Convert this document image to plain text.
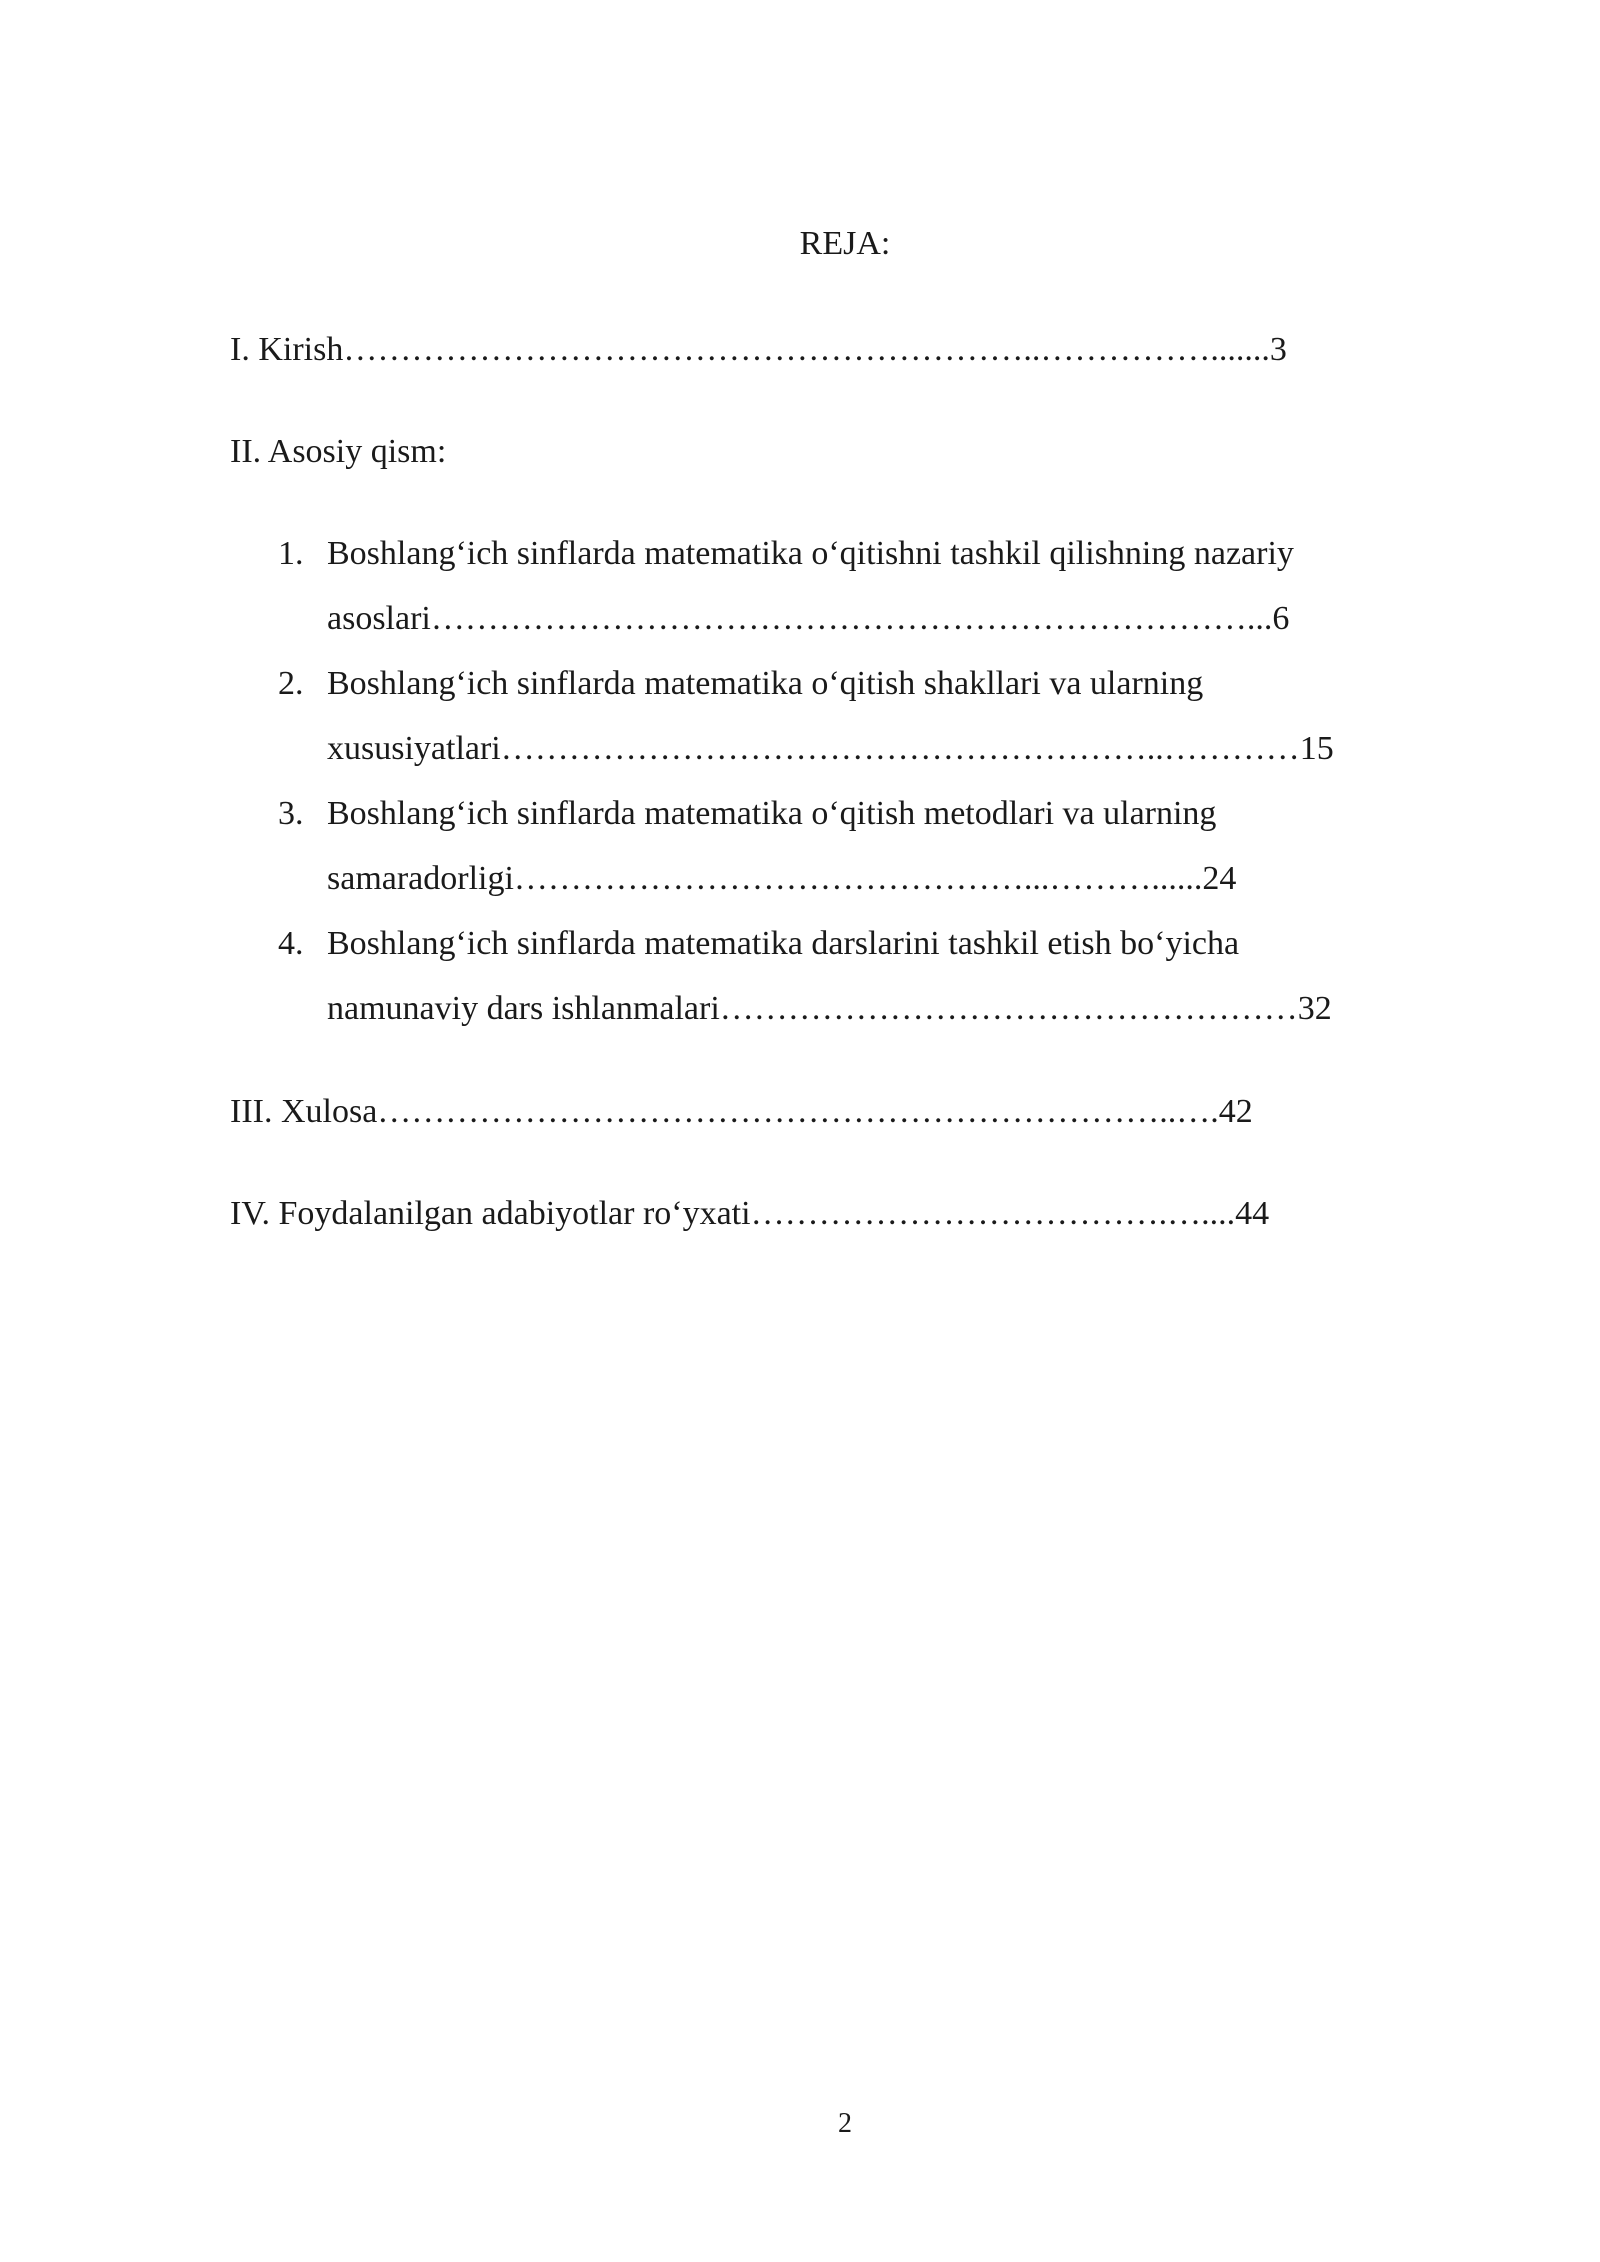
REJA:

I. Kirish……………………………………………………..…………….......3

II. Asosiy qism:

1. Boshlang‘ich sinflarda matematika o‘qitishni tashkil qilishning nazariy
asoslari………………………………………………………………...6
2. Boshlang‘ich sinflarda matematika o‘qitish shakllari va ularning
xususiyatlari…………………………………………………..…………15
3. Boshlang‘ich sinflarda matematika o‘qitish metodlari va ularning
samaradorligi………………………………………...………......24
4. Boshlang‘ich sinflarda matematika darslarini tashkil etish bo‘yicha
namunaviy dars ishlanmalari……………………………………………32

III. Xulosa……………………………………………………………..….42

IV. Foydalanilgan adabiyotlar ro‘yxati……………………………….…....44

2
